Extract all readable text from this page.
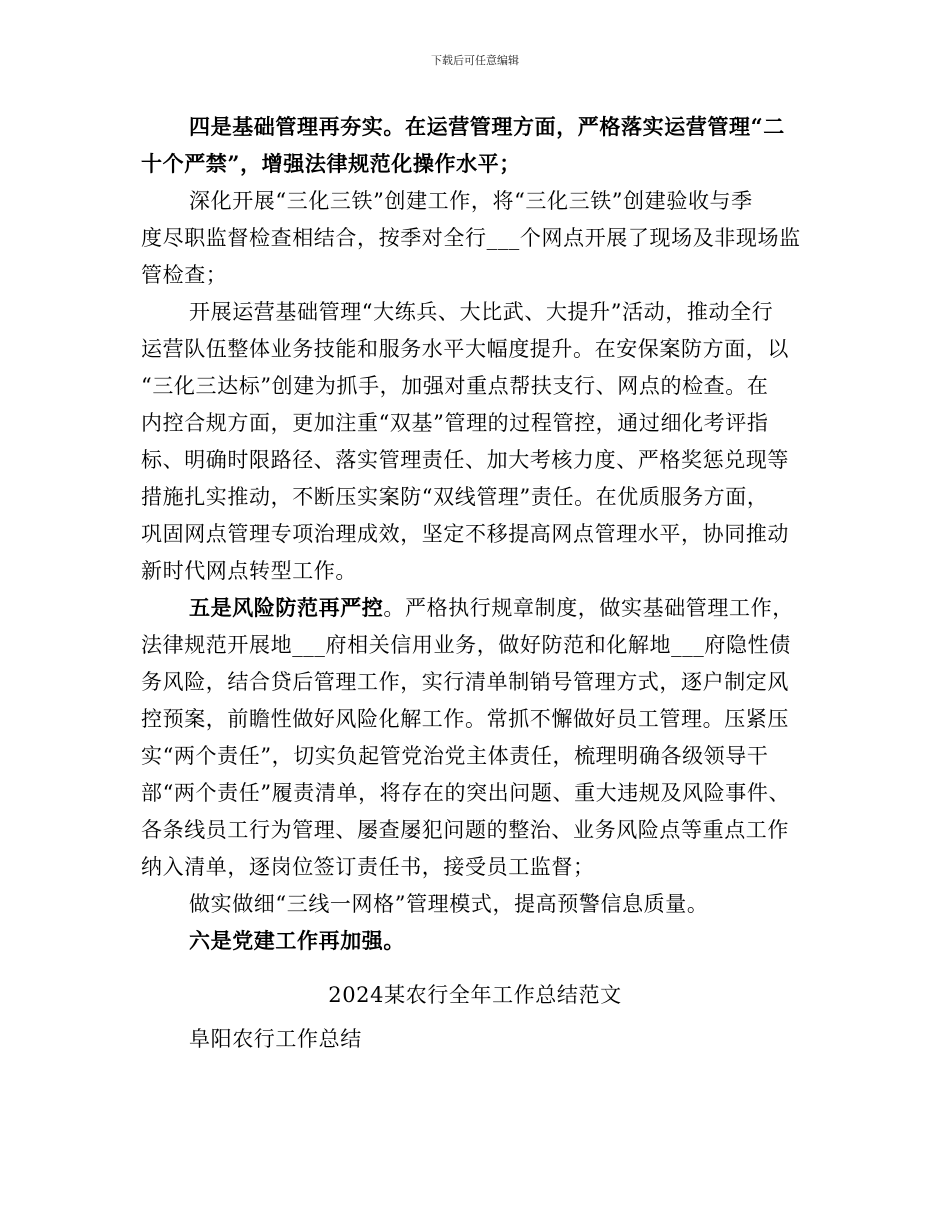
下载后可任意编辑
四是基础管理再夯实。在运营管理方面，严格落实运营管理“二
十个严禁”，增强法律规范化操作水平；
深化开展“三化三铁”创建工作，将“三化三铁”创建验收与季
度尽职监督检查相结合，按季对全行___个网点开展了现场及非现场监
管检查；
开展运营基础管理“大练兵、大比武、大提升”活动，推动全行
运营队伍整体业务技能和服务水平大幅度提升。在安保案防方面，以
“三化三达标”创建为抓手，加强对重点帮扶支行、网点的检查。在
内控合规方面，更加注重“双基”管理的过程管控，通过细化考评指
标、明确时限路径、落实管理责任、加大考核力度、严格奖惩兑现等
措施扎实推动，不断压实案防“双线管理”责任。在优质服务方面，
巩固网点管理专项治理成效，坚定不移提高网点管理水平，协同推动
新时代网点转型工作。
五是风险防范再严控。严格执行规章制度，做实基础管理工作，
法律规范开展地___府相关信用业务，做好防范和化解地___府隐性债
务风险，结合贷后管理工作，实行清单制销号管理方式，逐户制定风
控预案，前瞻性做好风险化解工作。常抓不懈做好员工管理。压紧压
实“两个责任”，切实负起管党治党主体责任，梳理明确各级领导干
部“两个责任”履责清单，将存在的突出问题、重大违规及风险事件、
各条线员工行为管理、屡查屡犯问题的整治、业务风险点等重点工作
纳入清单，逐岗位签订责任书，接受员工监督；
做实做细“三线一网格”管理模式，提高预警信息质量。
六是党建工作再加强。
2024某农行全年工作总结范文
阜阳农行工作总结
